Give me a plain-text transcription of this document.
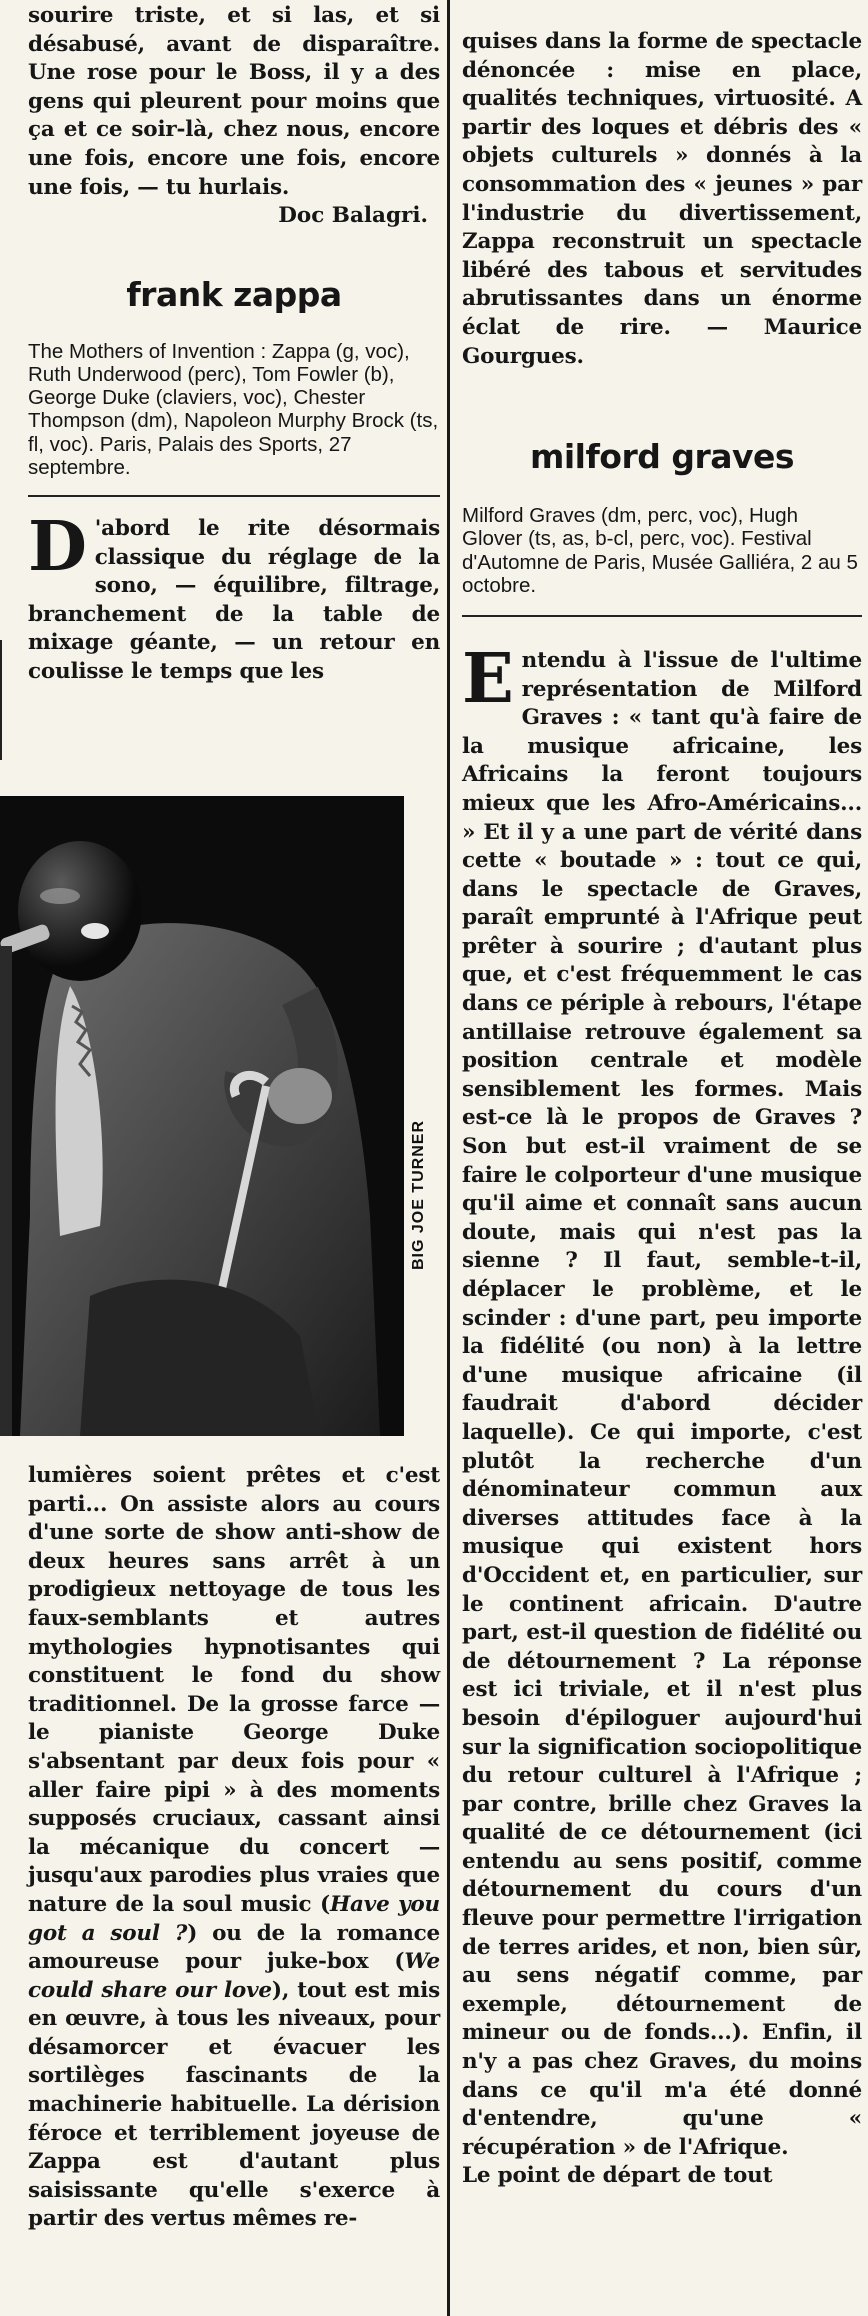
sourire triste, et si las, et si désabusé, avant de disparaître. Une rose pour le Boss, il y a des gens qui pleurent pour moins que ça et ce soir-là, chez nous, encore une fois, encore une fois, encore une fois, — tu hurlais.

Doc Balagri.

frank zappa

The Mothers of Invention : Zappa (g, voc), Ruth Underwood (perc), Tom Fowler (b), George Duke (claviers, voc), Chester Thompson (dm), Napoleon Murphy Brock (ts, fl, voc). Paris, Palais des Sports, 27 septembre.

D 'abord le rite désormais classique du réglage de la sono, — équilibre, filtrage, branchement de la table de mixage géante, — un retour en coulisse le temps que les

BIG JOE TURNER

lumières soient prêtes et c'est parti... On assiste alors au cours d'une sorte de show anti-show de deux heures sans arrêt à un prodigieux nettoyage de tous les faux-semblants et autres mythologies hypnotisantes qui constituent le fond du show traditionnel. De la grosse farce — le pianiste George Duke s'absentant par deux fois pour « aller faire pipi » à des moments supposés cruciaux, cassant ainsi la mécanique du concert — jusqu'aux parodies plus vraies que nature de la soul music (Have you got a soul ?) ou de la romance amoureuse pour juke-box (We could share our love), tout est mis en œuvre, à tous les niveaux, pour désamorcer et évacuer les sortilèges fascinants de la machinerie habituelle. La dérision féroce et terriblement joyeuse de Zappa est d'autant plus saisissante qu'elle s'exerce à partir des vertus mêmes re-

quises dans la forme de spectacle dénoncée : mise en place, qualités techniques, virtuosité. A partir des loques et débris des « objets culturels » donnés à la consommation des « jeunes » par l'industrie du divertissement, Zappa reconstruit un spectacle libéré des tabous et servitudes abrutissantes dans un énorme éclat de rire. — Maurice Gourgues.

milford graves

Milford Graves (dm, perc, voc), Hugh Glover (ts, as, b-cl, perc, voc). Festival d'Automne de Paris, Musée Galliéra, 2 au 5 octobre.

Entendu à l'issue de l'ultime représentation de Milford Graves : « tant qu'à faire de la musique africaine, les Africains la feront toujours mieux que les Afro-Américains... » Et il y a une part de vérité dans cette « boutade » : tout ce qui, dans le spectacle de Graves, paraît emprunté à l'Afrique peut prêter à sourire ; d'autant plus que, et c'est fréquemment le cas dans ce périple à rebours, l'étape antillaise retrouve également sa position centrale et modèle sensiblement les formes. Mais est-ce là le propos de Graves ? Son but est-il vraiment de se faire le colporteur d'une musique qu'il aime et connaît sans aucun doute, mais qui n'est pas la sienne ? Il faut, semble-t-il, déplacer le problème, et le scinder : d'une part, peu importe la fidélité (ou non) à la lettre d'une musique africaine (il faudrait d'abord décider laquelle). Ce qui importe, c'est plutôt la recherche d'un dénominateur commun aux diverses attitudes face à la musique qui existent hors d'Occident et, en particulier, sur le continent africain. D'autre part, est-il question de fidélité ou de détournement ? La réponse est ici triviale, et il n'est plus besoin d'épiloguer aujourd'hui sur la signification sociopolitique du retour culturel à l'Afrique ; par contre, brille chez Graves la qualité de ce détournement (ici entendu au sens positif, comme détournement du cours d'un fleuve pour permettre l'irrigation de terres arides, et non, bien sûr, au sens négatif comme, par exemple, détournement de mineur ou de fonds...). Enfin, il n'y a pas chez Graves, du moins dans ce qu'il m'a été donné d'entendre, qu'une « récupération » de l'Afrique.

Le point de départ de tout
